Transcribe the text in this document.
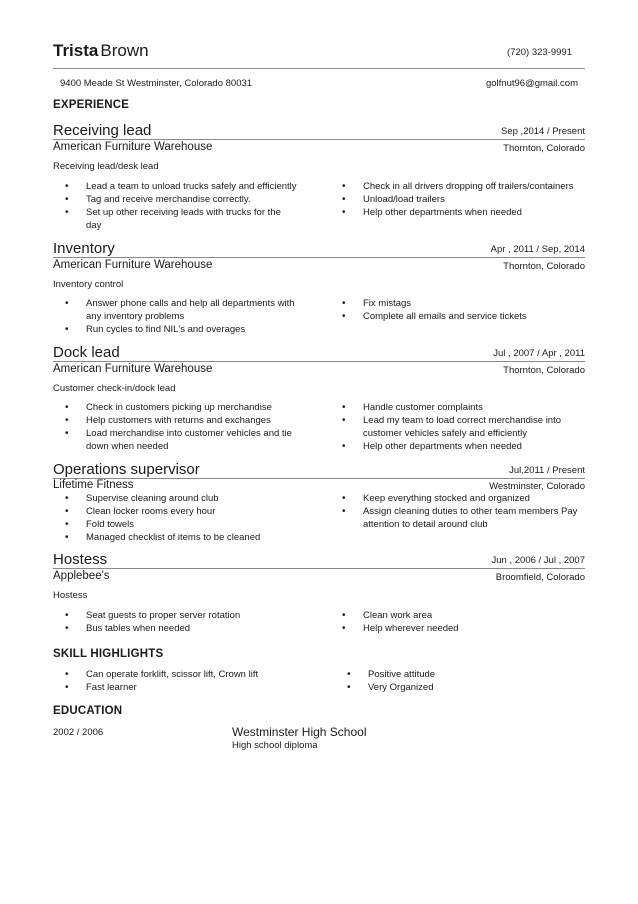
Trista Brown	(720) 323-9991
9400 Meade St Westminster, Colorado 80031	golfnut96@gmail.com
EXPERIENCE
Receiving lead	Sep ,2014 / Present
American Furniture Warehouse	Thornton, Colorado
Receiving lead/desk lead
• Lead a team to unload trucks safely and efficiently
• Tag and receive merchandise correctly.
• Set up other receiving leads with trucks for the day
• Check in all drivers dropping off trailers/containers
• Unload/load trailers
• Help other departments when needed
Inventory	Apr , 2011 / Sep, 2014
American Furniture Warehouse	Thornton, Colorado
Inventory control
• Answer phone calls and help all departments with any inventory problems
• Run cycles to find NIL's and overages
• Fix mistags
• Complete all emails and service tickets
Dock lead	Jul , 2007 / Apr , 2011
American Furniture Warehouse	Thornton, Colorado
Customer check-in/dock lead
• Check in customers picking up merchandise
• Help customers with returns and exchanges
• Load merchandise into customer vehicles and tie down when needed
• Handle customer complaints
• Lead my team to load correct merchandise into customer vehicles safely and efficiently
• Help other departments when needed
Operations supervisor	Jul,2011 / Present
Lifetime Fitness	Westminster, Colorado
• Supervise cleaning around club
• Clean locker rooms every hour
• Fold towels
• Managed checklist of items to be cleaned
• Keep everything stocked and organized
• Assign cleaning duties to other team members Pay attention to detail around club
Hostess	Jun , 2006 / Jul , 2007
Applebee's	Broomfield, Colorado
Hostess
• Seat guests to proper server rotation
• Bus tables when needed
• Clean work area
• Help wherever needed
SKILL HIGHLIGHTS
• Can operate forklift, scissor lift, Crown lift
• Fast learner
• Positive attitude
• Very Organized
EDUCATION
2002 / 2006	Westminster High School
High school diploma
